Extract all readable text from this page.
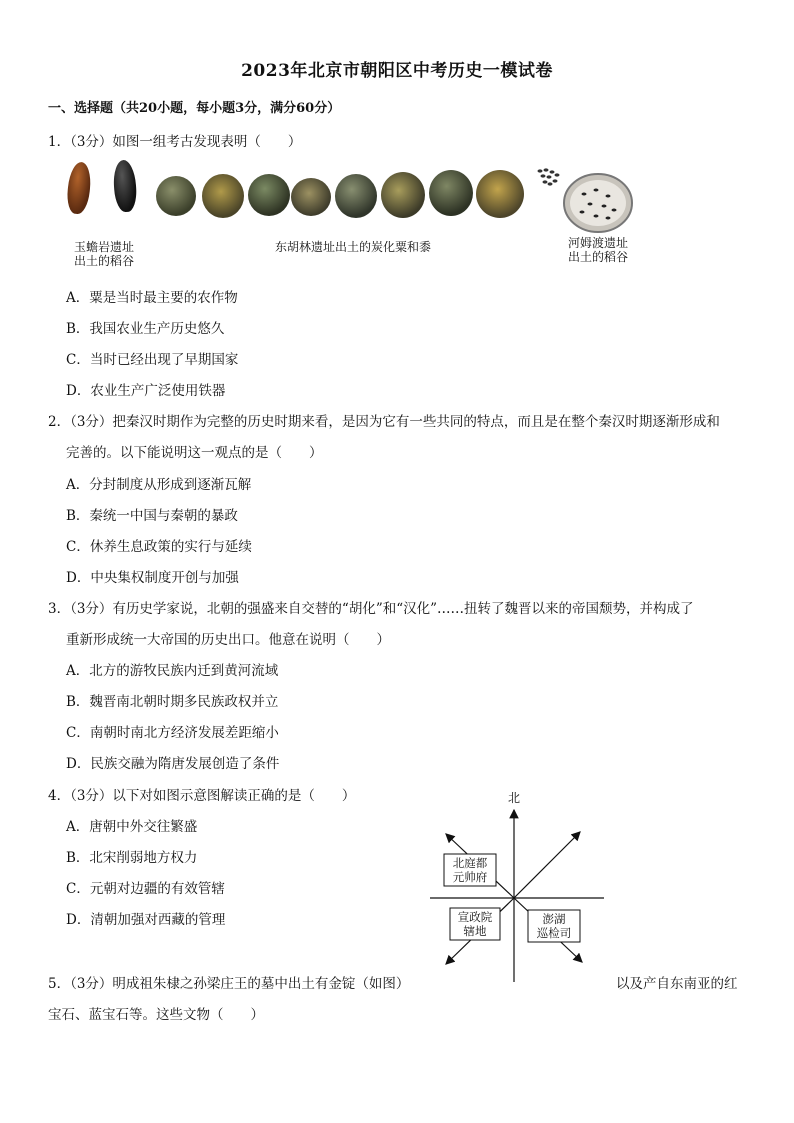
2023年北京市朝阳区中考历史一模试卷
一、选择题（共20小题，每小题3分，满分60分）
1．（3分）如图一组考古发现表明（　　）
玉蟾岩遗址
出土的稻谷
东胡林遗址出土的炭化粟和黍	河姆渡遗址
出土的稻谷
A．粟是当时最主要的农作物
B．我国农业生产历史悠久
C．当时已经出现了早期国家
D．农业生产广泛使用铁器
2．（3分）把秦汉时期作为完整的历史时期来看，是因为它有一些共同的特点，而且是在整个秦汉时期逐渐形成和
完善的。以下能说明这一观点的是（　　）
A．分封制度从形成到逐渐瓦解
B．秦统一中国与秦朝的暴政
C．休养生息政策的实行与延续
D．中央集权制度开创与加强
3．（3分）有历史学家说，北朝的强盛来自交替的“胡化”和“汉化”……扭转了魏晋以来的帝国颓势，并构成了
重新形成统一大帝国的历史出口。他意在说明（　　）
A．北方的游牧民族内迁到黄河流域
B．魏晋南北朝时期多民族政权并立
C．南朝时南北方经济发展差距缩小
D．民族交融为隋唐发展创造了条件
4．（3分）以下对如图示意图解读正确的是（　　）
A．唐朝中外交往繁盛
B．北宋削弱地方权力
C．元朝对边疆的有效管辖
D．清朝加强对西藏的管理
北
北庭都
元帅府
宣政院
辖地
澎湖
巡检司
5．（3分）明成祖朱棣之孙梁庄王的墓中出土有金锭（如图）	以及产自东南亚的红
宝石、蓝宝石等。这些文物（　　）
